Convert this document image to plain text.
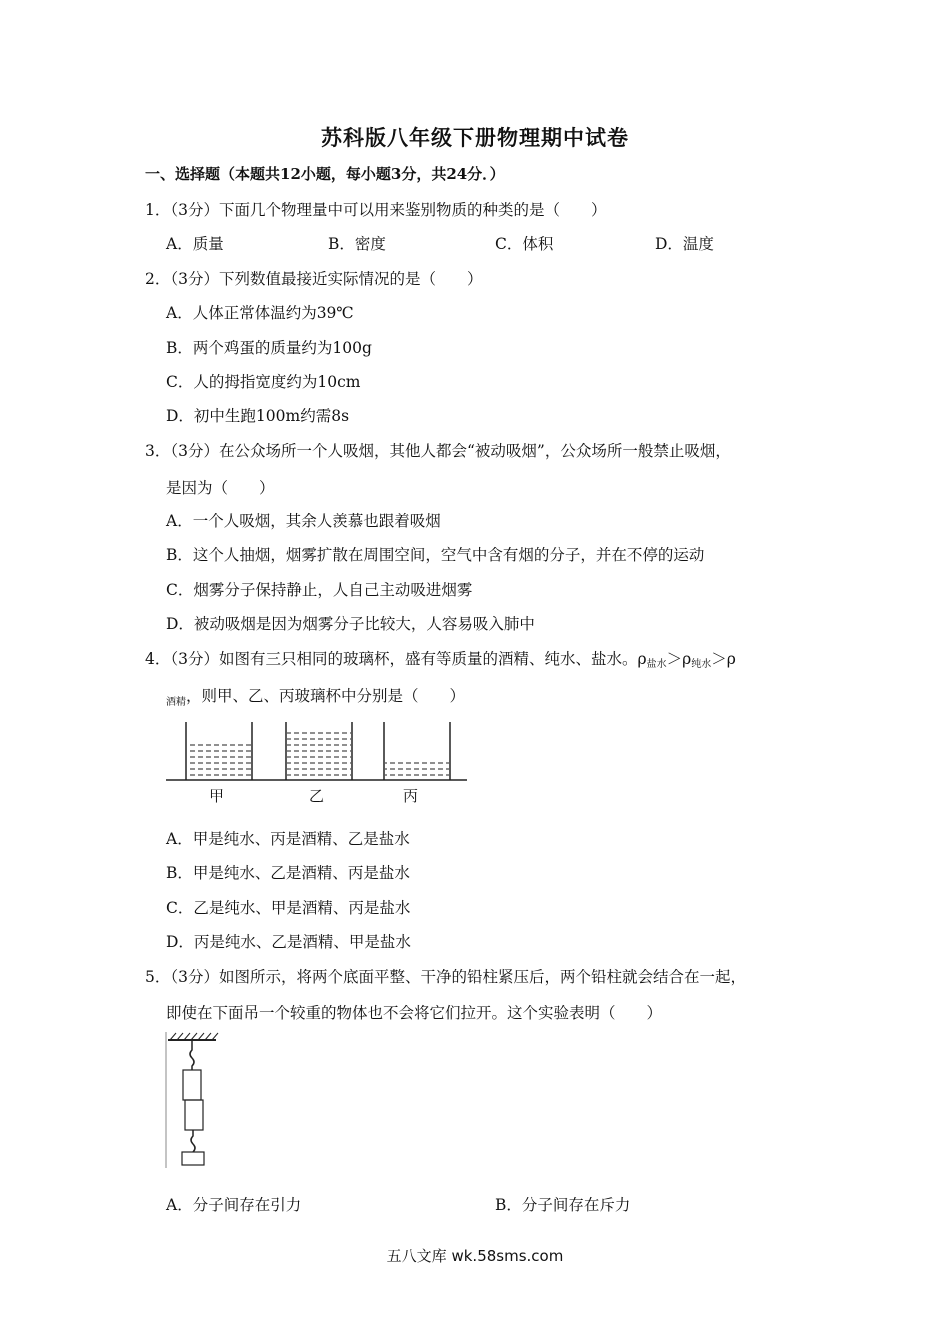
苏科版八年级下册物理期中试卷
一、选择题（本题共12小题，每小题3分，共24分．）
1．（3分）下面几个物理量中可以用来鉴别物质的种类的是（　　）
A．质量	B．密度	C．体积	D．温度
2．（3分）下列数值最接近实际情况的是（　　）
A．人体正常体温约为39℃
B．两个鸡蛋的质量约为100g
C．人的拇指宽度约为10cm
D．初中生跑100m约需8s
3．（3分）在公众场所一个人吸烟，其他人都会“被动吸烟”，公众场所一般禁止吸烟，
是因为（　　）
A．一个人吸烟，其余人羡慕也跟着吸烟
B．这个人抽烟，烟雾扩散在周围空间，空气中含有烟的分子，并在不停的运动
C．烟雾分子保持静止，人自己主动吸进烟雾
D．被动吸烟是因为烟雾分子比较大，人容易吸入肺中
4．（3分）如图有三只相同的玻璃杯，盛有等质量的酒精、纯水、盐水。$\rho_{盐水}>\rho_{纯水}>\rho$
$_{酒精}$，则甲、乙、丙玻璃杯中分别是（　　）
甲	乙	丙
A．甲是纯水、丙是酒精、乙是盐水
B．甲是纯水、乙是酒精、丙是盐水
C．乙是纯水、甲是酒精、丙是盐水
D．丙是纯水、乙是酒精、甲是盐水
5．（3分）如图所示，将两个底面平整、干净的铅柱紧压后，两个铅柱就会结合在一起，
即使在下面吊一个较重的物体也不会将它们拉开。这个实验表明（　　）
A．分子间存在引力	B．分子间存在斥力
五八文库 wk.58sms.com
